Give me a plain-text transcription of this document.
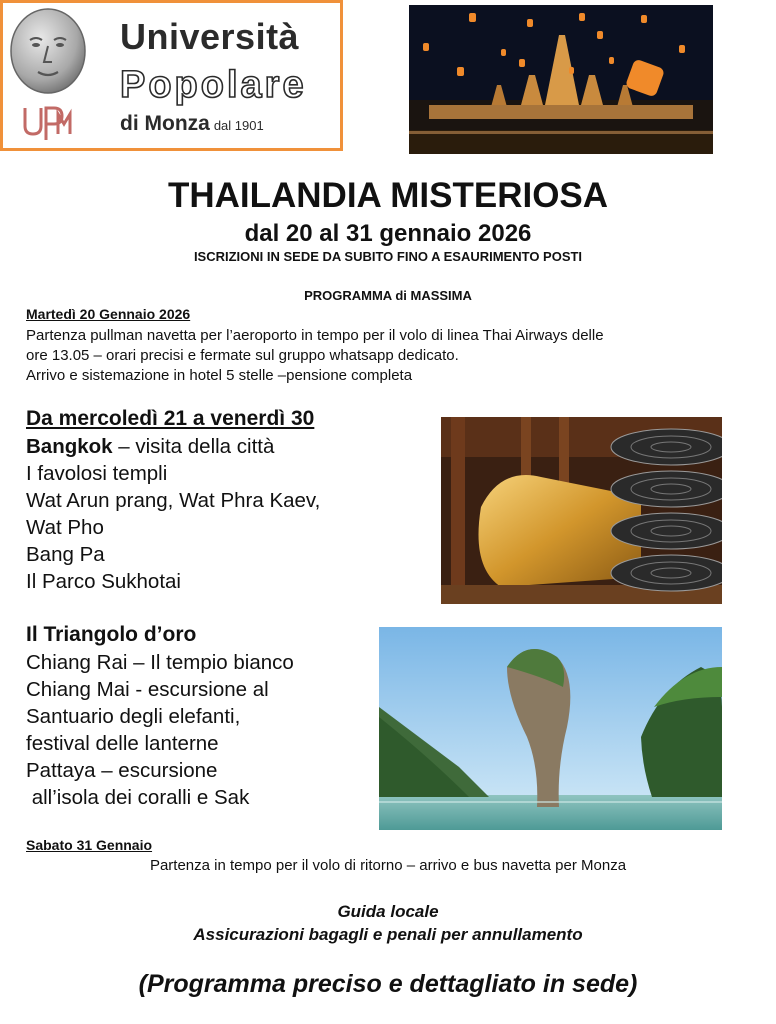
Università
Popolare
di Monza dal 1901
THAILANDIA MISTERIOSA
dal 20 al 31 gennaio 2026
ISCRIZIONI IN SEDE DA SUBITO FINO A ESAURIMENTO POSTI
PROGRAMMA di MASSIMA
Martedì 20 Gennaio 2026
Partenza pullman navetta per l’aeroporto in tempo per il volo di linea Thai Airways delle
ore 13.05 – orari precisi e fermate sul gruppo whatsapp dedicato.
Arrivo e sistemazione in hotel 5 stelle –pensione completa
Da mercoledì 21 a venerdì 30
Bangkok – visita della città
I favolosi templi
Wat Arun prang, Wat Phra Kaev,
Wat Pho
Bang Pa
Il Parco Sukhotai
Il Triangolo d’oro
Chiang Rai – Il tempio bianco
Chiang Mai - escursione al
Santuario degli elefanti,
festival delle lanterne
Pattaya – escursione
all’isola dei coralli e Sak
Sabato 31 Gennaio
Partenza in tempo per il volo di ritorno – arrivo e bus navetta per Monza
Guida locale
Assicurazioni bagagli e penali per annullamento
(Programma preciso e dettagliato in sede)
